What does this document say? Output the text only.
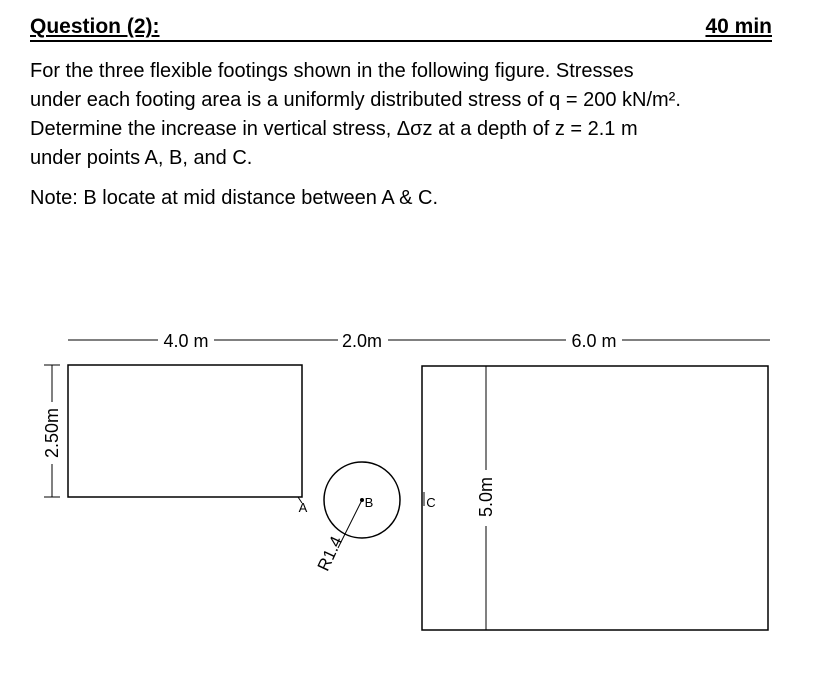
Question (2):	40 min

For the three flexible footings shown in the following figure. Stresses

under each footing area is a uniformly distributed stress of q = 200 kN/m².

Determine the increase in vertical stress, Δσz at a depth of z = 2.1 m

under points A, B, and C.

Note: B locate at mid distance between A & C.
4.0 m	2.0m	6.0 m
2.50m
A	B
R1.4
C 5.0m
